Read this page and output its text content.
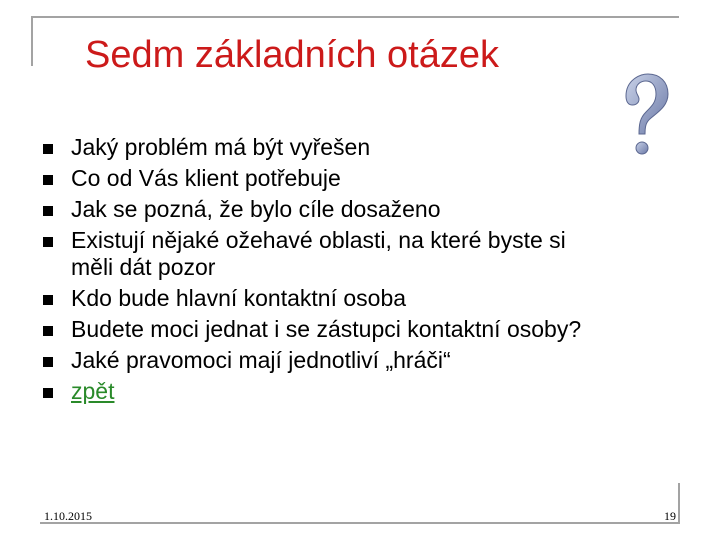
Sedm základních otázek
Jaký problém má být vyřešen
Co od Vás klient potřebuje
Jak se pozná, že bylo cíle dosaženo
Existují nějaké ožehavé oblasti, na které byste si
měli dát pozor
Kdo bude hlavní kontaktní osoba
Budete moci jednat i se zástupci kontaktní osoby?
Jaké pravomoci mají jednotliví „hráči“
zpět
1.10.2015	19
